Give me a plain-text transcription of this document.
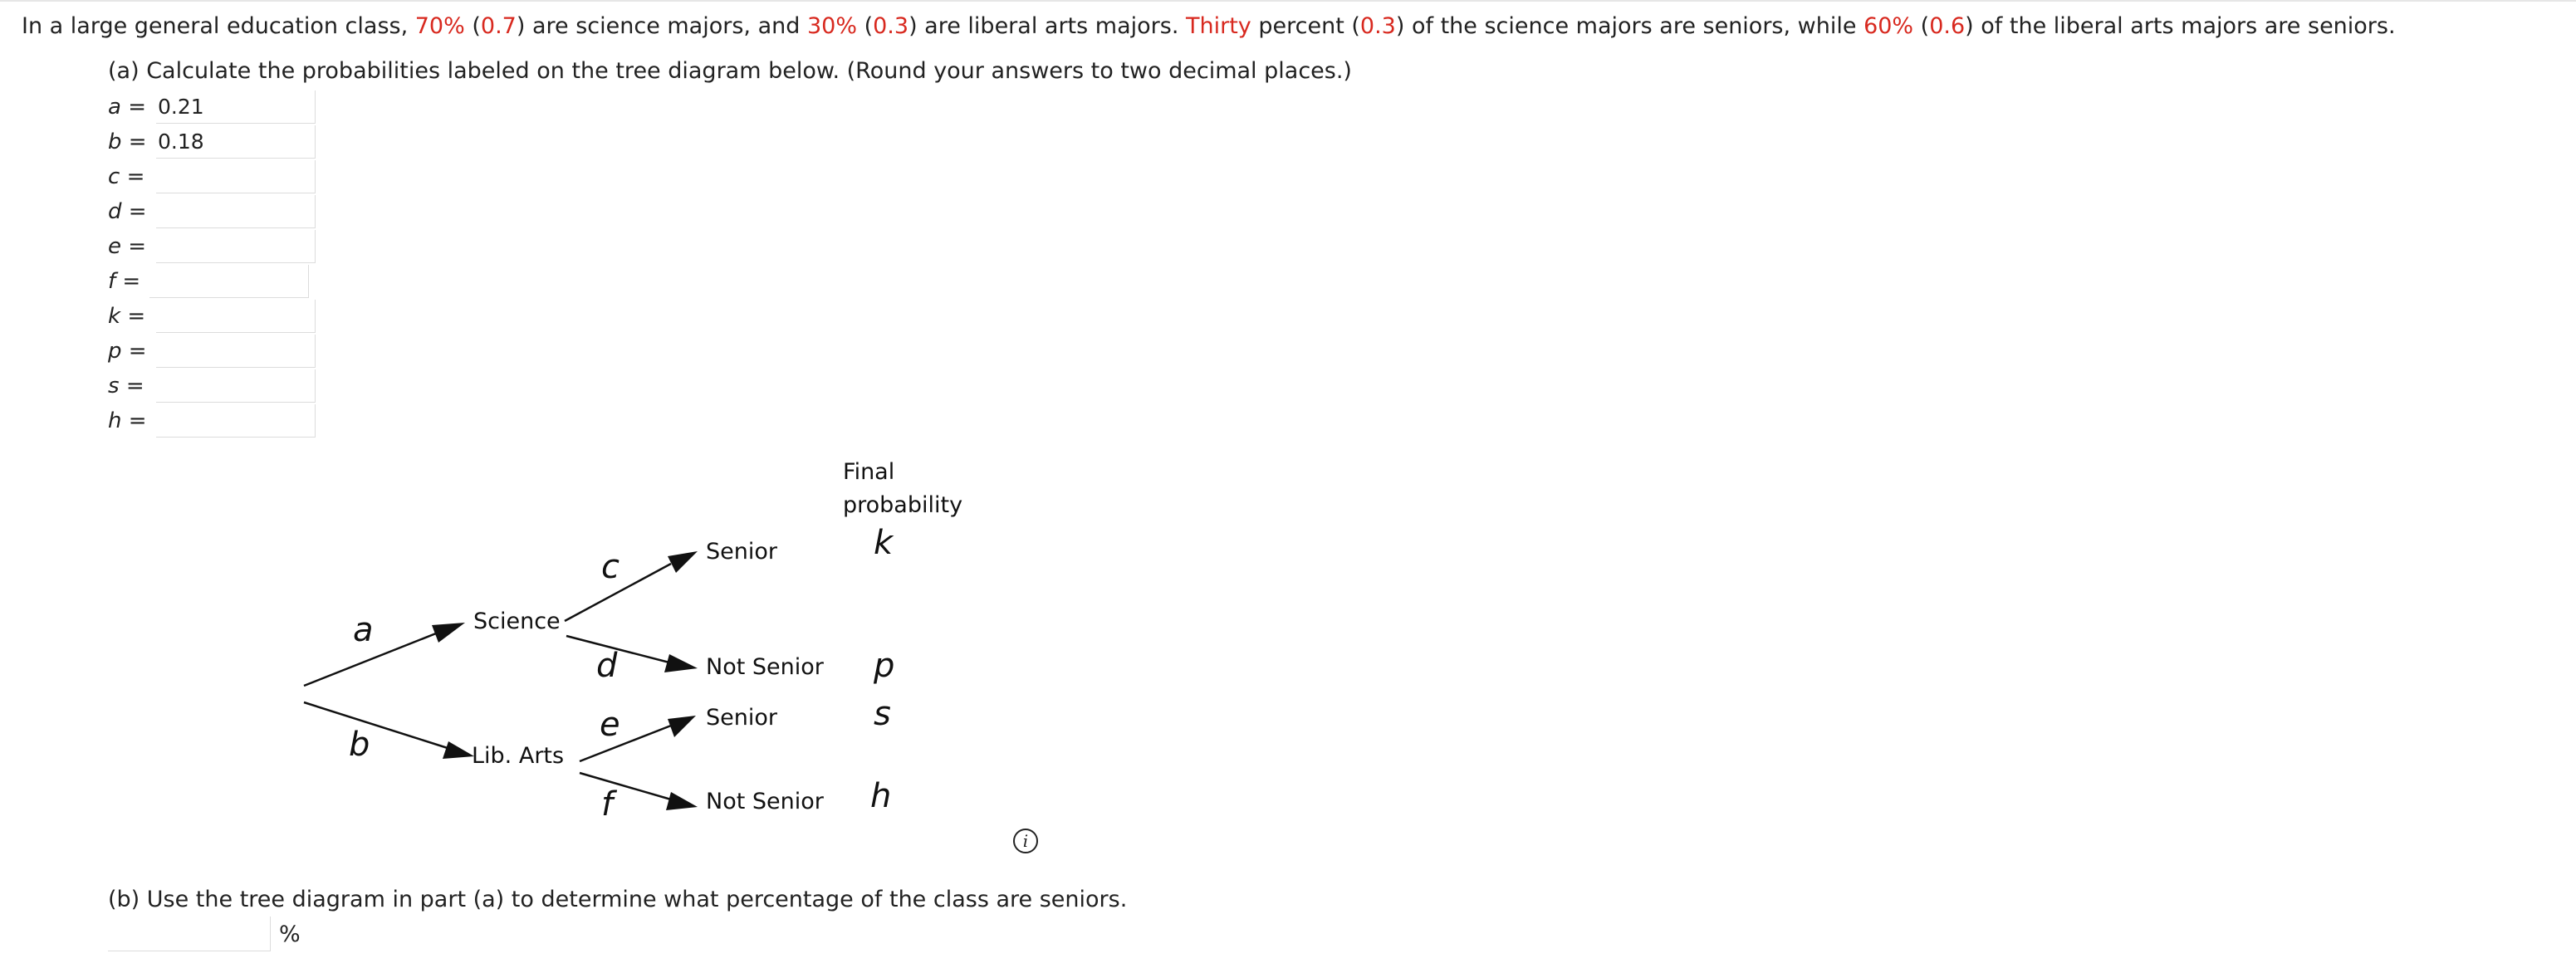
In a large general education class, 70% (0.7) are science majors, and 30% (0.3) are liberal arts majors. Thirty percent (0.3) of the science majors are seniors, while 60% (0.6) of the liberal arts majors are seniors.
(a) Calculate the probabilities labeled on the tree diagram below. (Round your answers to two decimal places.)
a =
0.21
b =
0.18
c =
d =
e =
f =
k =
p =
s =
h =
Final
probability
Science
Lib. Arts
Senior
Not Senior
Senior
Not Senior
a
b
c
d
e
f
k
p
s
h
i
(b) Use the tree diagram in part (a) to determine what percentage of the class are seniors.
%
